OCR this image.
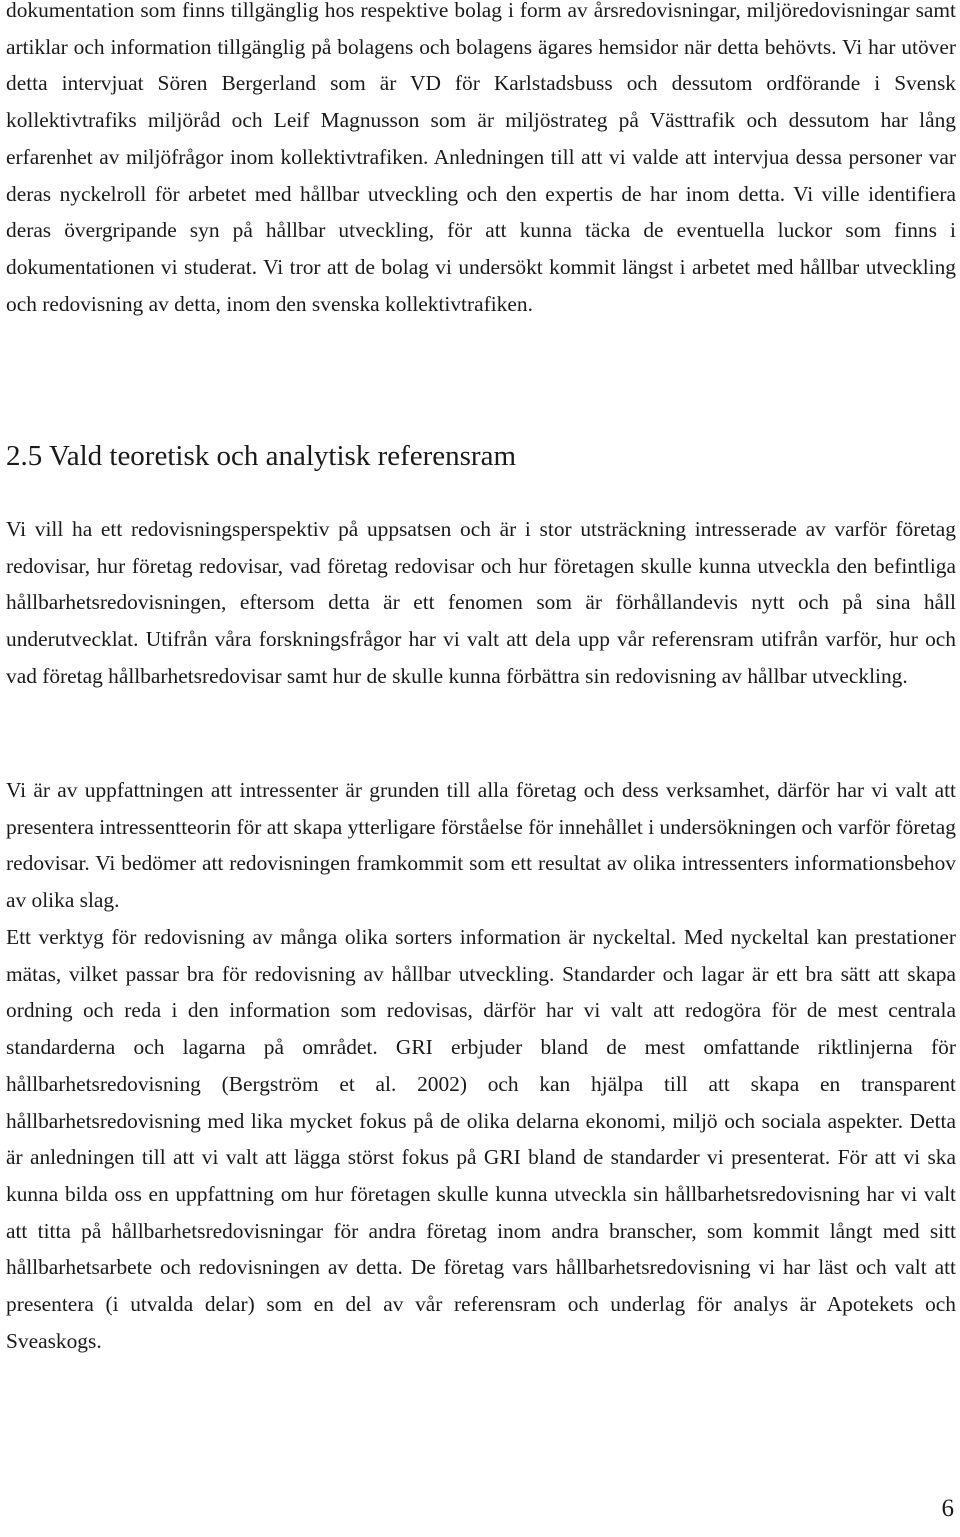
dokumentation som finns tillgänglig hos respektive bolag i form av årsredovisningar, miljöredovisningar samt artiklar och information tillgänglig på bolagens och bolagens ägares hemsidor när detta behövts. Vi har utöver detta intervjuat Sören Bergerland som är VD för Karlstadsbuss och dessutom ordförande i Svensk kollektivtrafiks miljöråd och Leif Magnusson som är miljöstrateg på Västtrafik och dessutom har lång erfarenhet av miljöfrågor inom kollektivtrafiken. Anledningen till att vi valde att intervjua dessa personer var deras nyckelroll för arbetet med hållbar utveckling och den expertis de har inom detta. Vi ville identifiera deras övergripande syn på hållbar utveckling, för att kunna täcka de eventuella luckor som finns i dokumentationen vi studerat. Vi tror att de bolag vi undersökt kommit längst i arbetet med hållbar utveckling och redovisning av detta, inom den svenska kollektivtrafiken.

2.5 Vald teoretisk och analytisk referensram

Vi vill ha ett redovisningsperspektiv på uppsatsen och är i stor utsträckning intresserade av varför företag redovisar, hur företag redovisar, vad företag redovisar och hur företagen skulle kunna utveckla den befintliga hållbarhetsredovisningen, eftersom detta är ett fenomen som är förhållandevis nytt och på sina håll underutvecklat. Utifrån våra forskningsfrågor har vi valt att dela upp vår referensram utifrån varför, hur och vad företag hållbarhetsredovisar samt hur de skulle kunna förbättra sin redovisning av hållbar utveckling.

Vi är av uppfattningen att intressenter är grunden till alla företag och dess verksamhet, därför har vi valt att presentera intressentteorin för att skapa ytterligare förståelse för innehållet i undersökningen och varför företag redovisar. Vi bedömer att redovisningen framkommit som ett resultat av olika intressenters informationsbehov av olika slag.

Ett verktyg för redovisning av många olika sorters information är nyckeltal. Med nyckeltal kan prestationer mätas, vilket passar bra för redovisning av hållbar utveckling. Standarder och lagar är ett bra sätt att skapa ordning och reda i den information som redovisas, därför har vi valt att redogöra för de mest centrala standarderna och lagarna på området. GRI erbjuder bland de mest omfattande riktlinjerna för hållbarhetsredovisning (Bergström et al. 2002) och kan hjälpa till att skapa en transparent hållbarhetsredovisning med lika mycket fokus på de olika delarna ekonomi, miljö och sociala aspekter. Detta är anledningen till att vi valt att lägga störst fokus på GRI bland de standarder vi presenterat. För att vi ska kunna bilda oss en uppfattning om hur företagen skulle kunna utveckla sin hållbarhetsredovisning har vi valt att titta på hållbarhetsredovisningar för andra företag inom andra branscher, som kommit långt med sitt hållbarhetsarbete och redovisningen av detta. De företag vars hållbarhetsredovisning vi har läst och valt att presentera (i utvalda delar) som en del av vår referensram och underlag för analys är Apotekets och Sveaskogs.

6
